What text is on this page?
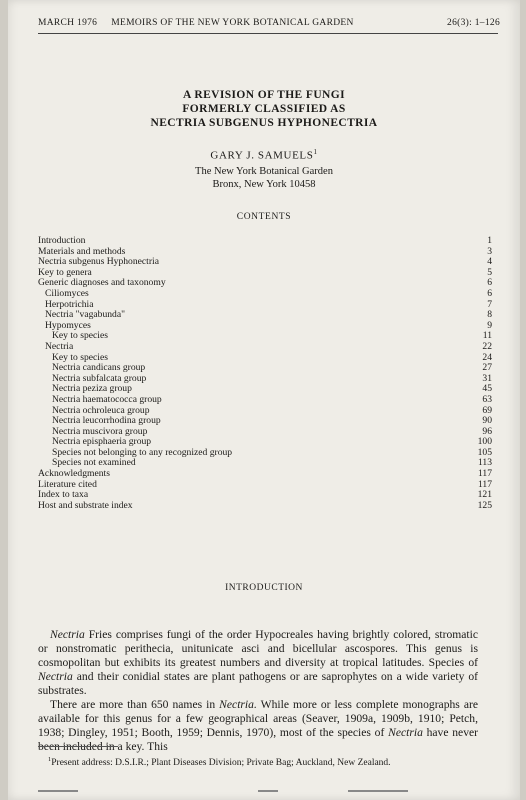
MARCH 1976 MEMOIRS OF THE NEW YORK BOTANICAL GARDEN	26(3): 1–126
A REVISION OF THE FUNGI
FORMERLY CLASSIFIED AS
NECTRIA SUBGENUS HYPHONECTRIA
GARY J. SAMUELS$^1$
The New York Botanical Garden
Bronx, New York 10458
CONTENTS
Introduction	1
Materials and methods	3
Nectria subgenus Hyphonectria	4
Key to genera	5
Generic diagnoses and taxonomy	6
Ciliomyces	6
Herpotrichia	7
Nectria "vagabunda"	8
Hypomyces	9
Key to species	11
Nectria	22
Key to species	24
Nectria candicans group	27
Nectria subfalcata group	31
Nectria peziza group	45
Nectria haematococca group	63
Nectria ochroleuca group	69
Nectria leucorrhodina group	90
Nectria muscivora group	96
Nectria episphaeria group	100
Species not belonging to any recognized group	105
Species not examined	113
Acknowledgments	117
Literature cited	117
Index to taxa	121
Host and substrate index	125
INTRODUCTION

Nectria Fries comprises fungi of the order Hypocreales having brightly colored, stromatic or nonstromatic perithecia, unitunicate asci and bicellular ascospores. This genus is cosmopolitan but exhibits its greatest numbers and diversity at tropical latitudes. Species of Nectria and their conidial states are plant pathogens or are saprophytes on a wide variety of substrates.

There are more than 650 names in Nectria. While more or less complete monographs are available for this genus for a few geographical areas (Seaver, 1909a, 1909b, 1910; Petch, 1938; Dingley, 1951; Booth, 1959; Dennis, 1970), most of the species of Nectria have never been included in a key. This

$^1$Present address: D.S.I.R.; Plant Diseases Division; Private Bag; Auckland, New Zealand.
